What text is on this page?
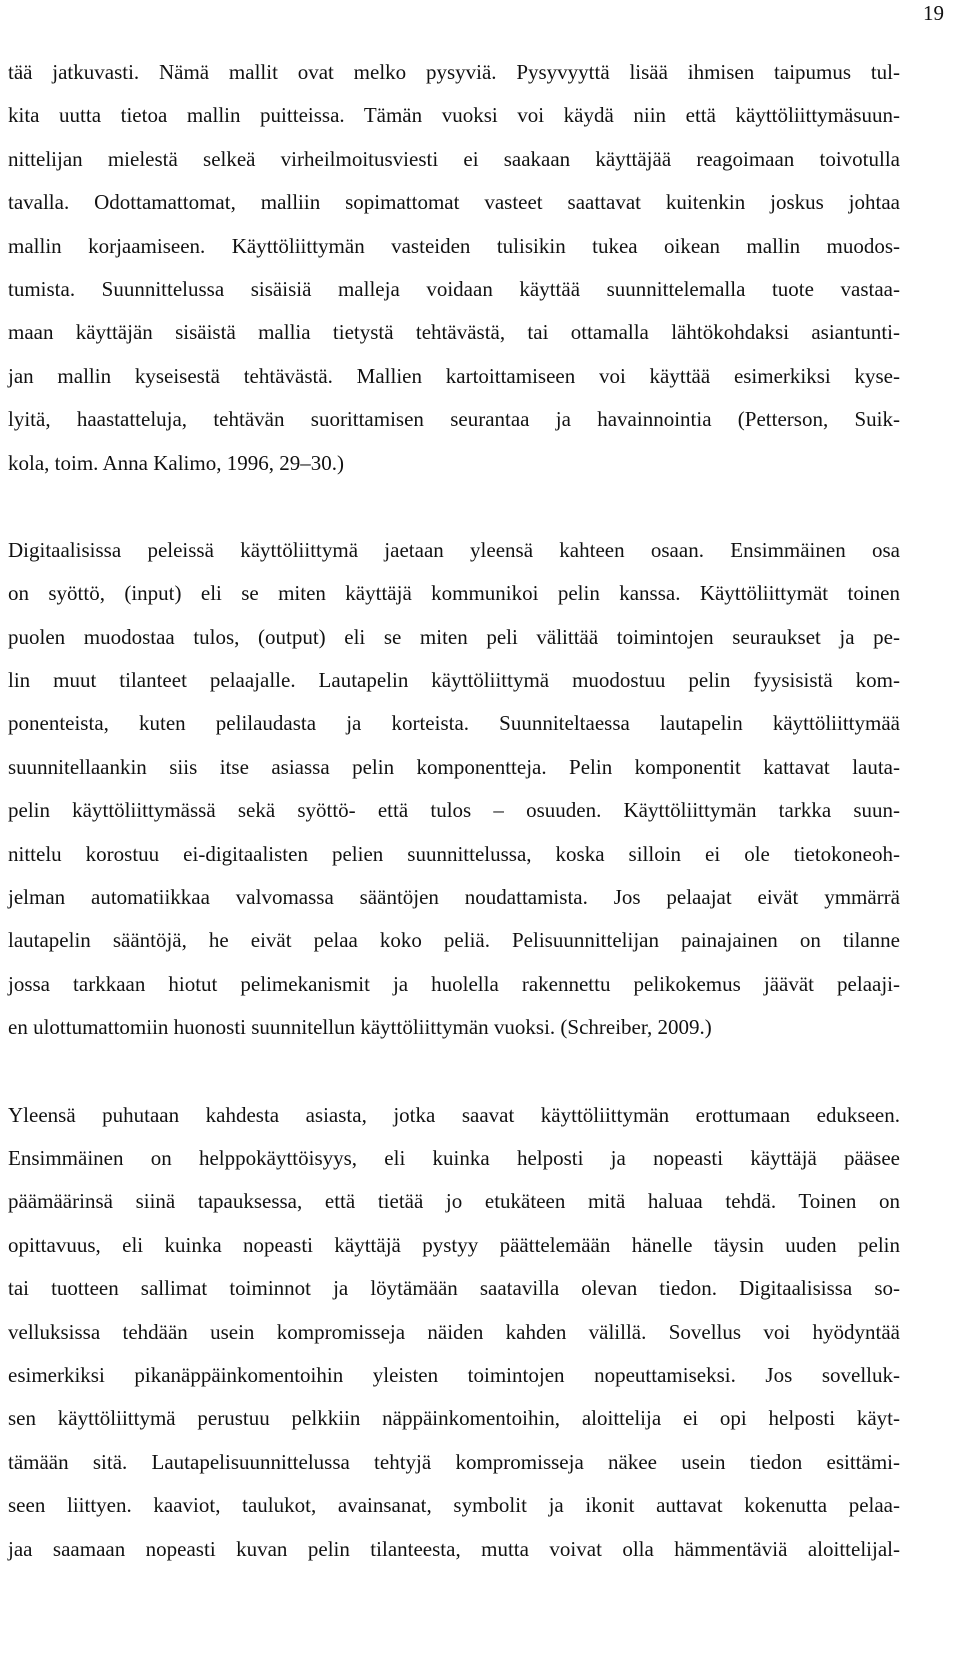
19
tää jatkuvasti. Nämä mallit ovat melko pysyviä. Pysyvyyttä lisää ihmisen taipumus tul-
kita uutta tietoa mallin puitteissa. Tämän vuoksi voi käydä niin että käyttöliittymäsuun-
nittelijan mielestä selkeä virheilmoitusviesti ei saakaan käyttäjää reagoimaan toivotulla
tavalla. Odottamattomat, malliin sopimattomat vasteet saattavat kuitenkin joskus johtaa
mallin korjaamiseen. Käyttöliittymän vasteiden tulisikin tukea oikean mallin muodos-
tumista. Suunnittelussa sisäisiä malleja voidaan käyttää suunnittelemalla tuote vastaa-
maan käyttäjän sisäistä mallia tietystä tehtävästä, tai ottamalla lähtökohdaksi asiantunti-
jan mallin kyseisestä tehtävästä. Mallien kartoittamiseen voi käyttää esimerkiksi kyse-
lyitä, haastatteluja, tehtävän suorittamisen seurantaa ja havainnointia (Petterson, Suik-
kola, toim. Anna Kalimo, 1996, 29–30.)
Digitaalisissa peleissä käyttöliittymä jaetaan yleensä kahteen osaan. Ensimmäinen osa
on syöttö, (input) eli se miten käyttäjä kommunikoi pelin kanssa. Käyttöliittymät toinen
puolen muodostaa tulos, (output) eli se miten peli välittää toimintojen seuraukset ja pe-
lin muut tilanteet pelaajalle. Lautapelin käyttöliittymä muodostuu pelin fyysisistä kom-
ponenteista, kuten pelilaudasta ja korteista. Suunniteltaessa lautapelin käyttöliittymää
suunnitellaankin siis itse asiassa pelin komponentteja. Pelin komponentit kattavat lauta-
pelin käyttöliittymässä sekä syöttö- että tulos – osuuden. Käyttöliittymän tarkka suun-
nittelu korostuu ei-digitaalisten pelien suunnittelussa, koska silloin ei ole tietokoneoh-
jelman automatiikkaa valvomassa sääntöjen noudattamista. Jos pelaajat eivät ymmärrä
lautapelin sääntöjä, he eivät pelaa koko peliä. Pelisuunnittelijan painajainen on tilanne
jossa tarkkaan hiotut pelimekanismit ja huolella rakennettu pelikokemus jäävät pelaaji-
en ulottumattomiin huonosti suunnitellun käyttöliittymän vuoksi. (Schreiber, 2009.)
Yleensä puhutaan kahdesta asiasta, jotka saavat käyttöliittymän erottumaan edukseen.
Ensimmäinen on helppokäyttöisyys, eli kuinka helposti ja nopeasti käyttäjä pääsee
päämäärinsä siinä tapauksessa, että tietää jo etukäteen mitä haluaa tehdä. Toinen on
opittavuus, eli kuinka nopeasti käyttäjä pystyy päättelemään hänelle täysin uuden pelin
tai tuotteen sallimat toiminnot ja löytämään saatavilla olevan tiedon. Digitaalisissa so-
velluksissa tehdään usein kompromisseja näiden kahden välillä. Sovellus voi hyödyntää
esimerkiksi pikanäppäinkomentoihin yleisten toimintojen nopeuttamiseksi. Jos sovelluk-
sen käyttöliittymä perustuu pelkkiin näppäinkomentoihin, aloittelija ei opi helposti käyt-
tämään sitä. Lautapelisuunnittelussa tehtyjä kompromisseja näkee usein tiedon esittämi-
seen liittyen. kaaviot, taulukot, avainsanat, symbolit ja ikonit auttavat kokenutta pelaa-
jaa saamaan nopeasti kuvan pelin tilanteesta, mutta voivat olla hämmentäviä aloittelijal-
